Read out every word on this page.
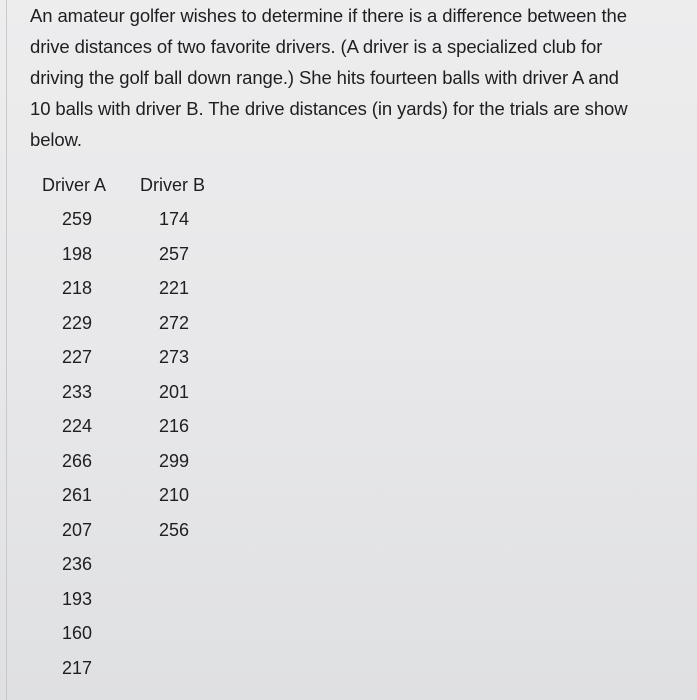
An amateur golfer wishes to determine if there is a difference between the
drive distances of two favorite drivers. (A driver is a specialized club for
driving the golf ball down range.) She hits fourteen balls with driver A and
10 balls with driver B. The drive distances (in yards) for the trials are show
below.
Driver A Driver B
259
198
218
229
227
233
224
266
261
207
236
193
160
217
174
257
221
272
273
201
216
299
210
256
